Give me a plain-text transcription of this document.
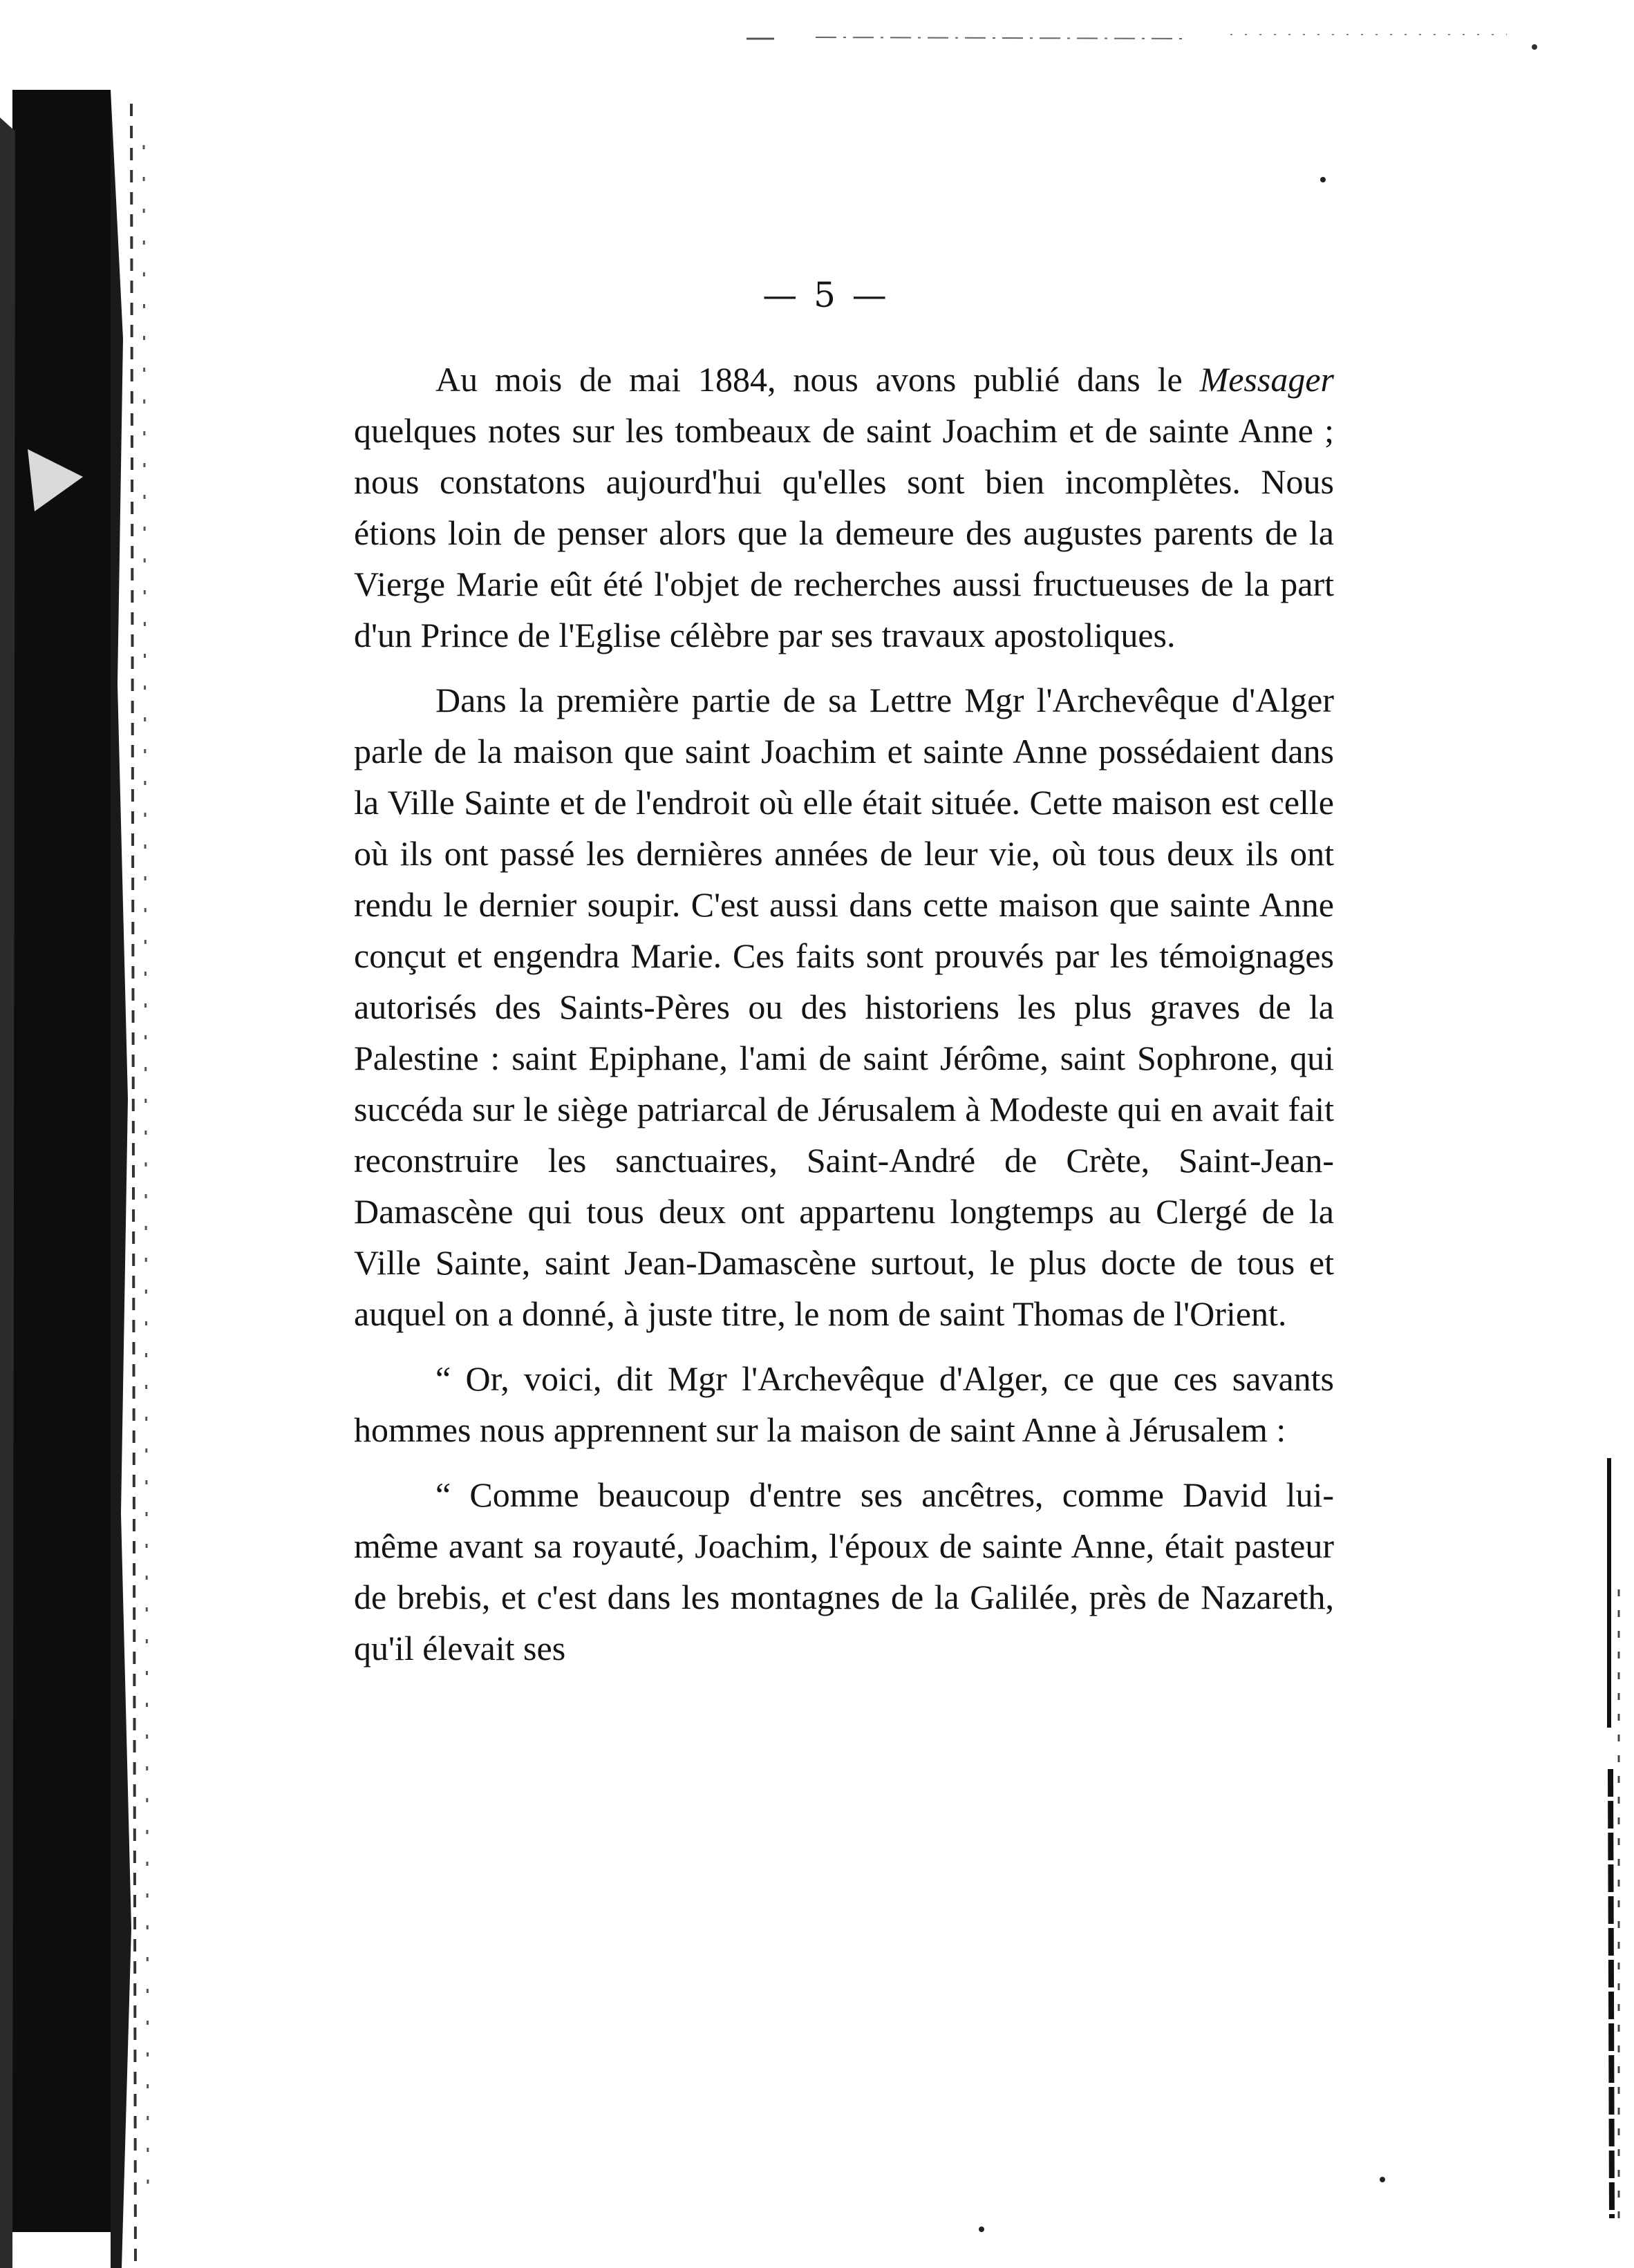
— 5 —

Au mois de mai 1884, nous avons publié dans le Messager quelques notes sur les tombeaux de saint Joachim et de sainte Anne ; nous constatons aujourd'hui qu'elles sont bien incomplètes. Nous étions loin de penser alors que la demeure des augustes parents de la Vierge Marie eût été l'objet de recherches aussi fructueuses de la part d'un Prince de l'Eglise célèbre par ses travaux apostoliques.

Dans la première partie de sa Lettre Mgr l'Archevêque d'Alger parle de la maison que saint Joachim et sainte Anne possédaient dans la Ville Sainte et de l'endroit où elle était située. Cette maison est celle où ils ont passé les dernières années de leur vie, où tous deux ils ont rendu le dernier soupir. C'est aussi dans cette maison que sainte Anne conçut et engendra Marie. Ces faits sont prouvés par les témoignages autorisés des Saints-Pères ou des historiens les plus graves de la Palestine : saint Epiphane, l'ami de saint Jérôme, saint Sophrone, qui succéda sur le siège patriarcal de Jérusalem à Modeste qui en avait fait reconstruire les sanctuaires, Saint-André de Crète, Saint-Jean-Damascène qui tous deux ont appartenu longtemps au Clergé de la Ville Sainte, saint Jean-Damascène surtout, le plus docte de tous et auquel on a donné, à juste titre, le nom de saint Thomas de l'Orient.

“ Or, voici, dit Mgr l'Archevêque d'Alger, ce que ces savants hommes nous apprennent sur la maison de saint Anne à Jérusalem :

“ Comme beaucoup d'entre ses ancêtres, comme David lui-même avant sa royauté, Joachim, l'époux de sainte Anne, était pasteur de brebis, et c'est dans les montagnes de la Galilée, près de Nazareth, qu'il élevait ses
